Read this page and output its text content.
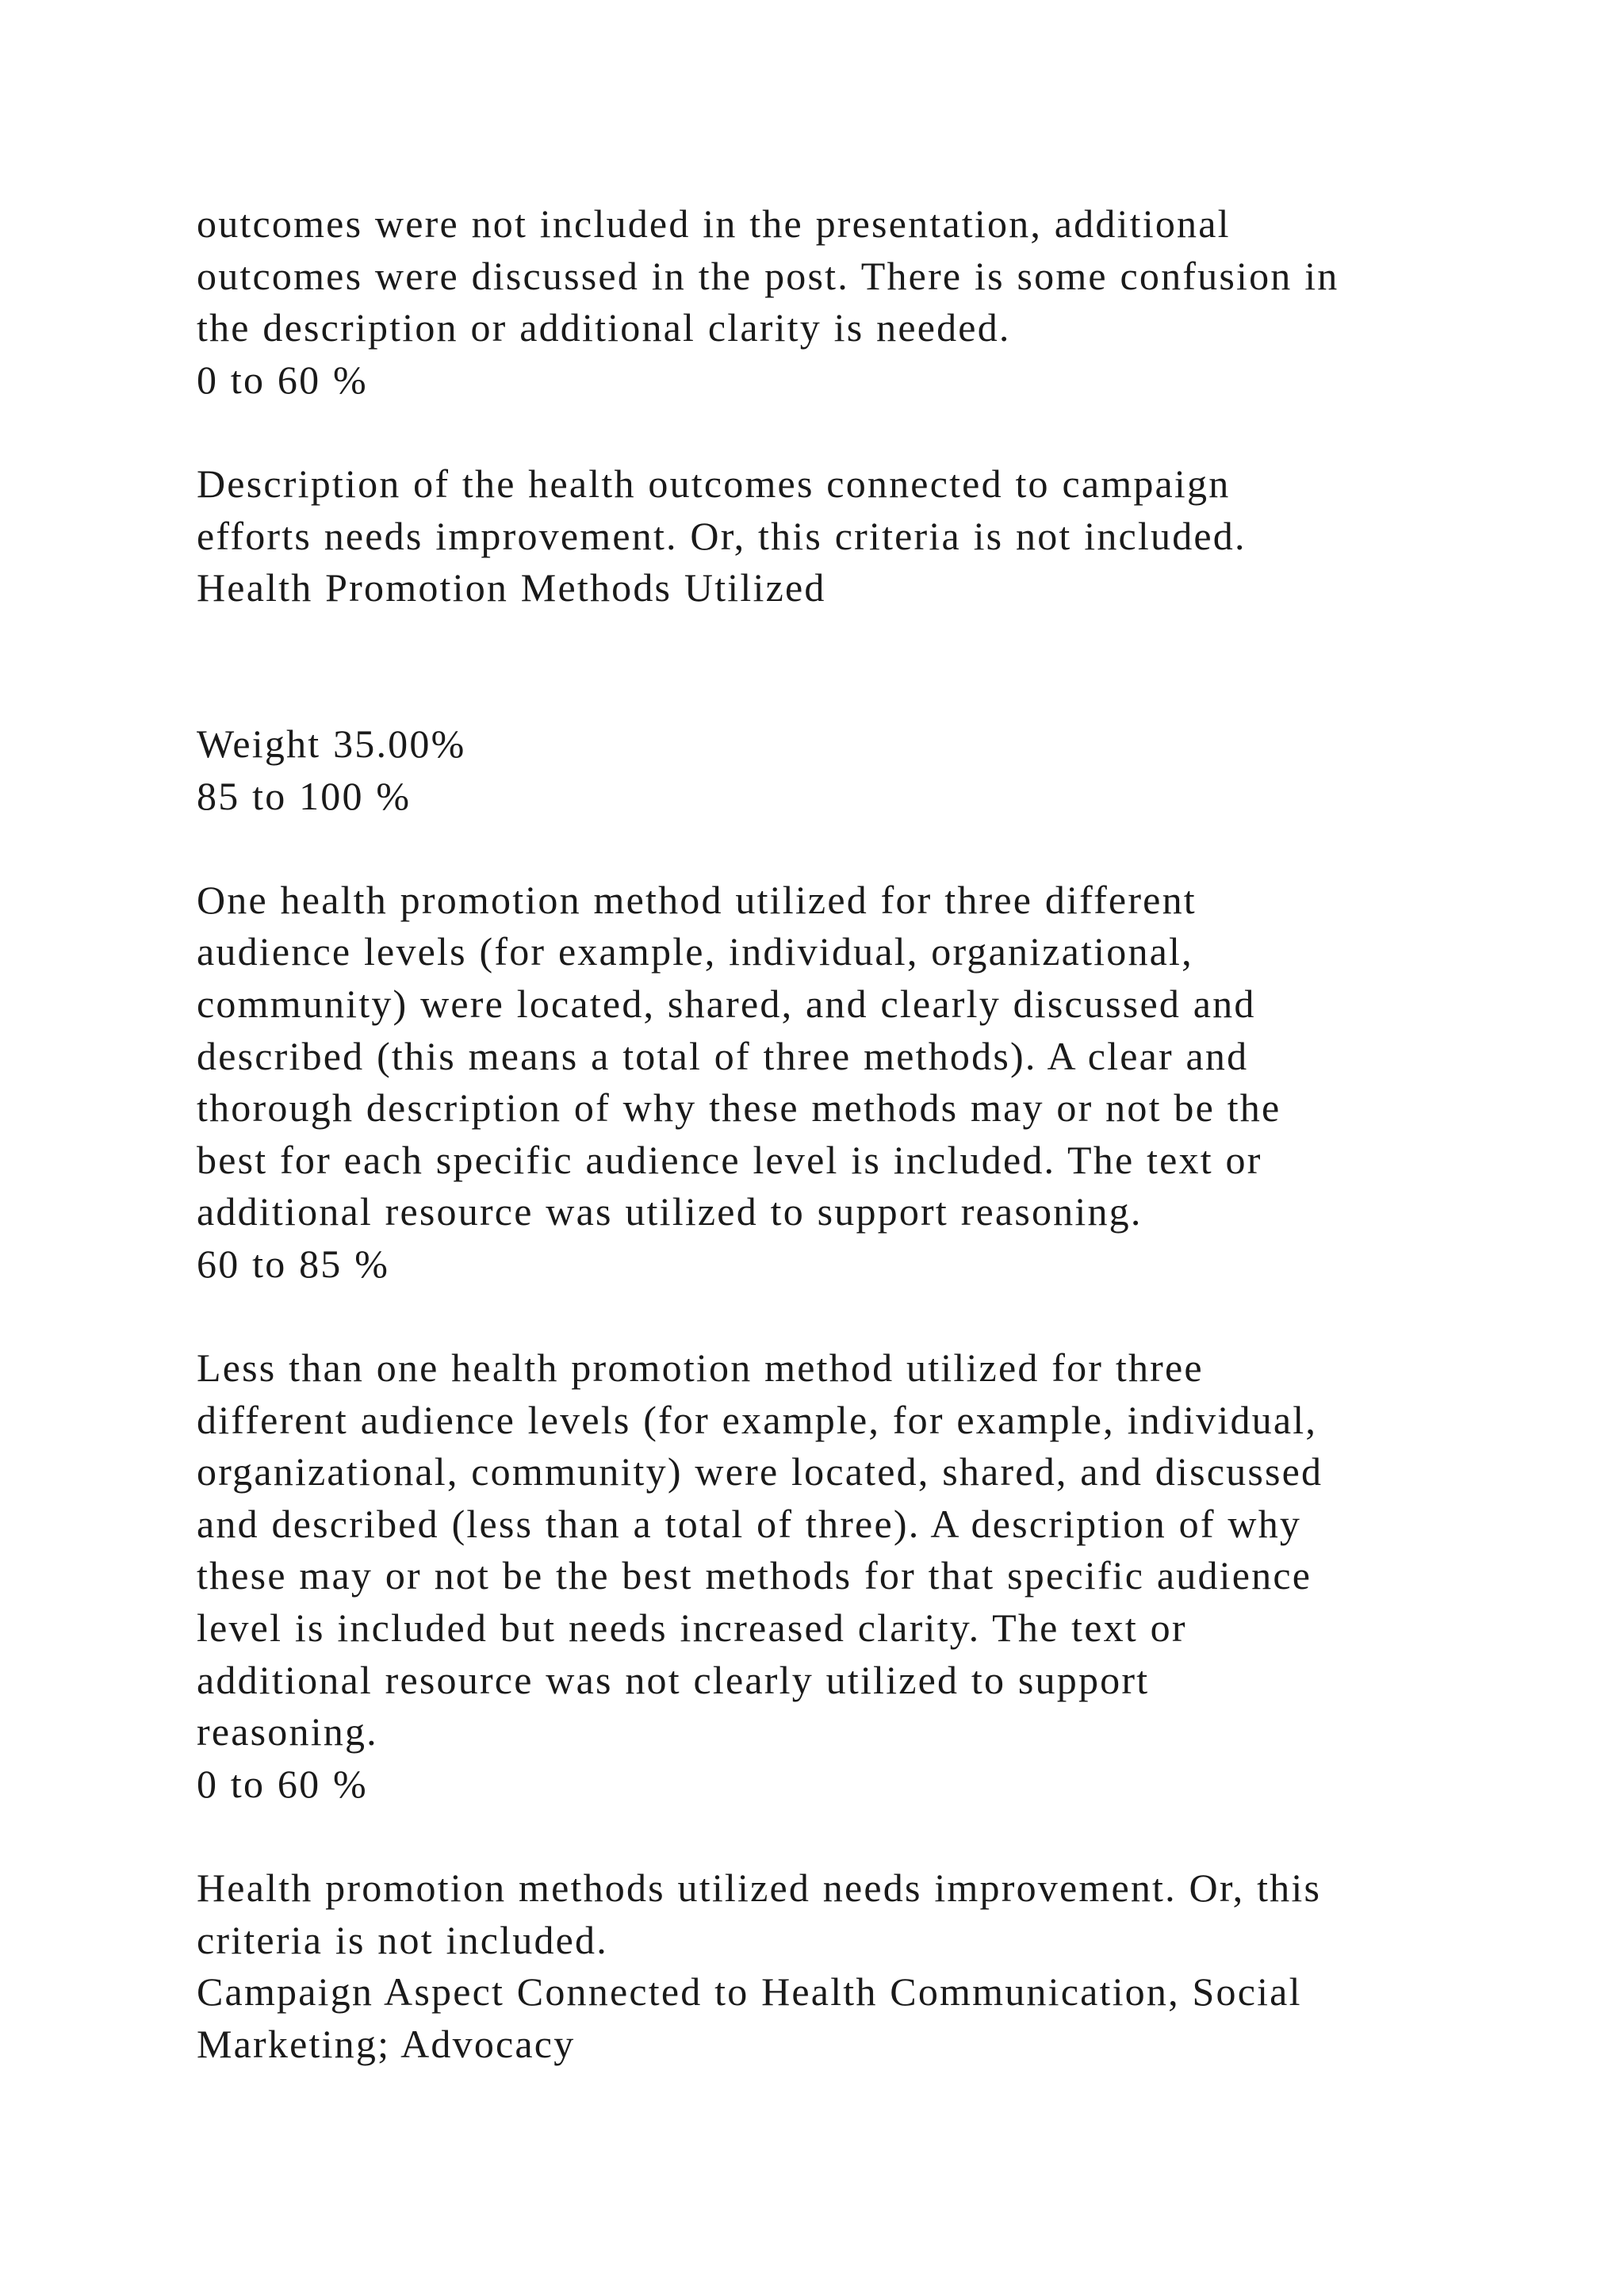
outcomes were not included in the presentation, additional
outcomes were discussed in the post. There is some confusion in
the description or additional clarity is needed.
0 to 60 %
Description of the health outcomes connected to campaign
efforts needs improvement. Or, this criteria is not included.
Health Promotion Methods Utilized
Weight 35.00%
85 to 100 %
One health promotion method utilized for three different
audience levels (for example, individual, organizational,
community) were located, shared, and clearly discussed and
described (this means a total of three methods). A clear and
thorough description of why these methods may or not be the
best for each specific audience level is included. The text or
additional resource was utilized to support reasoning.
60 to 85 %
Less than one health promotion method utilized for three
different audience levels (for example, for example, individual,
organizational, community) were located, shared, and discussed
and described (less than a total of three). A description of why
these may or not be the best methods for that specific audience
level is included but needs increased clarity. The text or
additional resource was not clearly utilized to support
reasoning.
0 to 60 %
Health promotion methods utilized needs improvement. Or, this
criteria is not included.
Campaign Aspect Connected to Health Communication, Social
Marketing; Advocacy
